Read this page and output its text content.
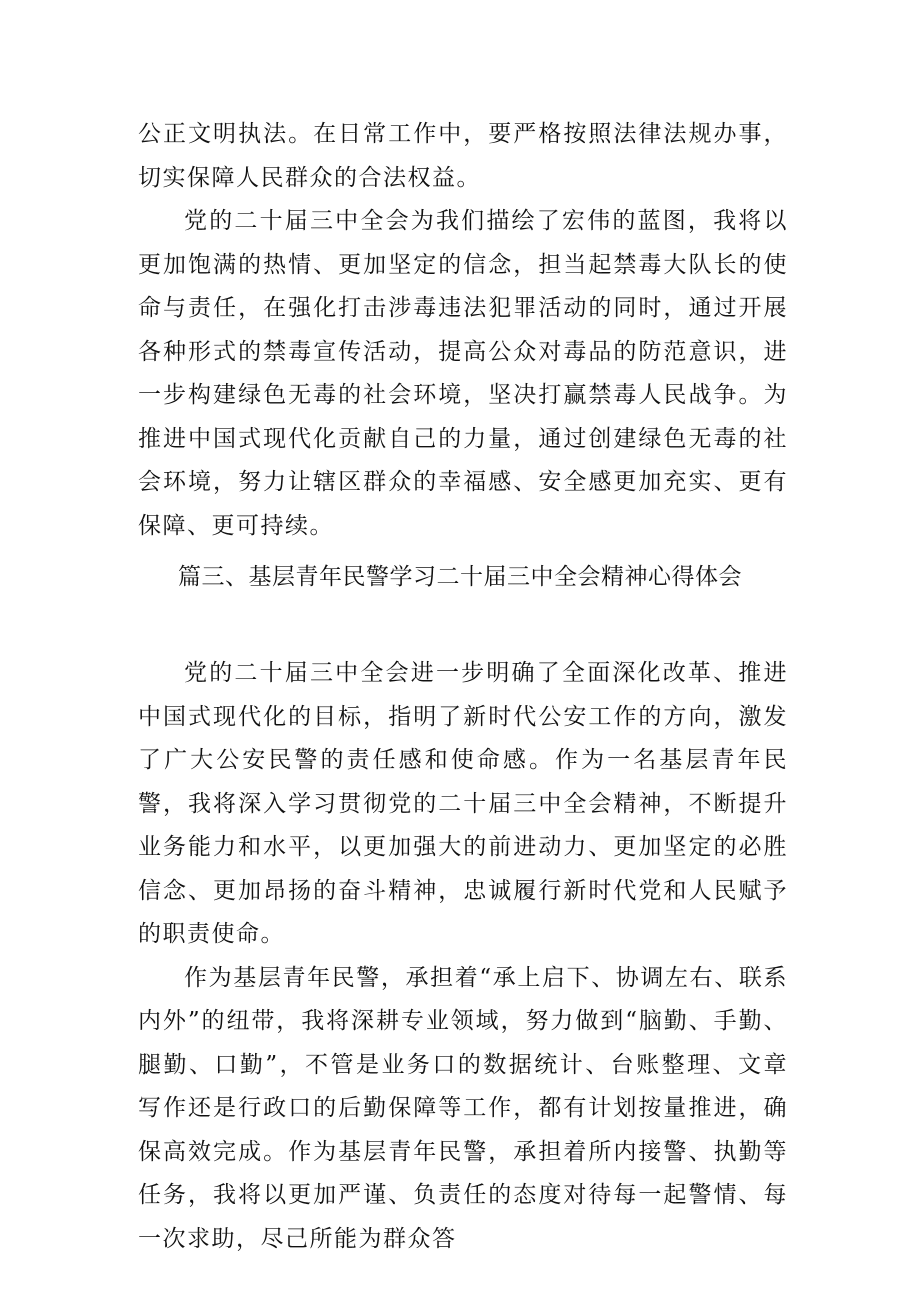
公正文明执法。在日常工作中，要严格按照法律法规办事，切实保障人民群众的合法权益。

党的二十届三中全会为我们描绘了宏伟的蓝图，我将以更加饱满的热情、更加坚定的信念，担当起禁毒大队长的使命与责任，在强化打击涉毒违法犯罪活动的同时，通过开展各种形式的禁毒宣传活动，提高公众对毒品的防范意识，进一步构建绿色无毒的社会环境，坚决打赢禁毒人民战争。为推进中国式现代化贡献自己的力量，通过创建绿色无毒的社会环境，努力让辖区群众的幸福感、安全感更加充实、更有保障、更可持续。

篇三、基层青年民警学习二十届三中全会精神心得体会

党的二十届三中全会进一步明确了全面深化改革、推进中国式现代化的目标，指明了新时代公安工作的方向，激发了广大公安民警的责任感和使命感。作为一名基层青年民警，我将深入学习贯彻党的二十届三中全会精神，不断提升业务能力和水平，以更加强大的前进动力、更加坚定的必胜信念、更加昂扬的奋斗精神，忠诚履行新时代党和人民赋予的职责使命。

作为基层青年民警，承担着“承上启下、协调左右、联系内外”的纽带，我将深耕专业领域，努力做到“脑勤、手勤、腿勤、口勤”，不管是业务口的数据统计、台账整理、文章写作还是行政口的后勤保障等工作，都有计划按量推进，确保高效完成。作为基层青年民警，承担着所内接警、执勤等任务，我将以更加严谨、负责任的态度对待每一起警情、每一次求助，尽己所能为群众答
